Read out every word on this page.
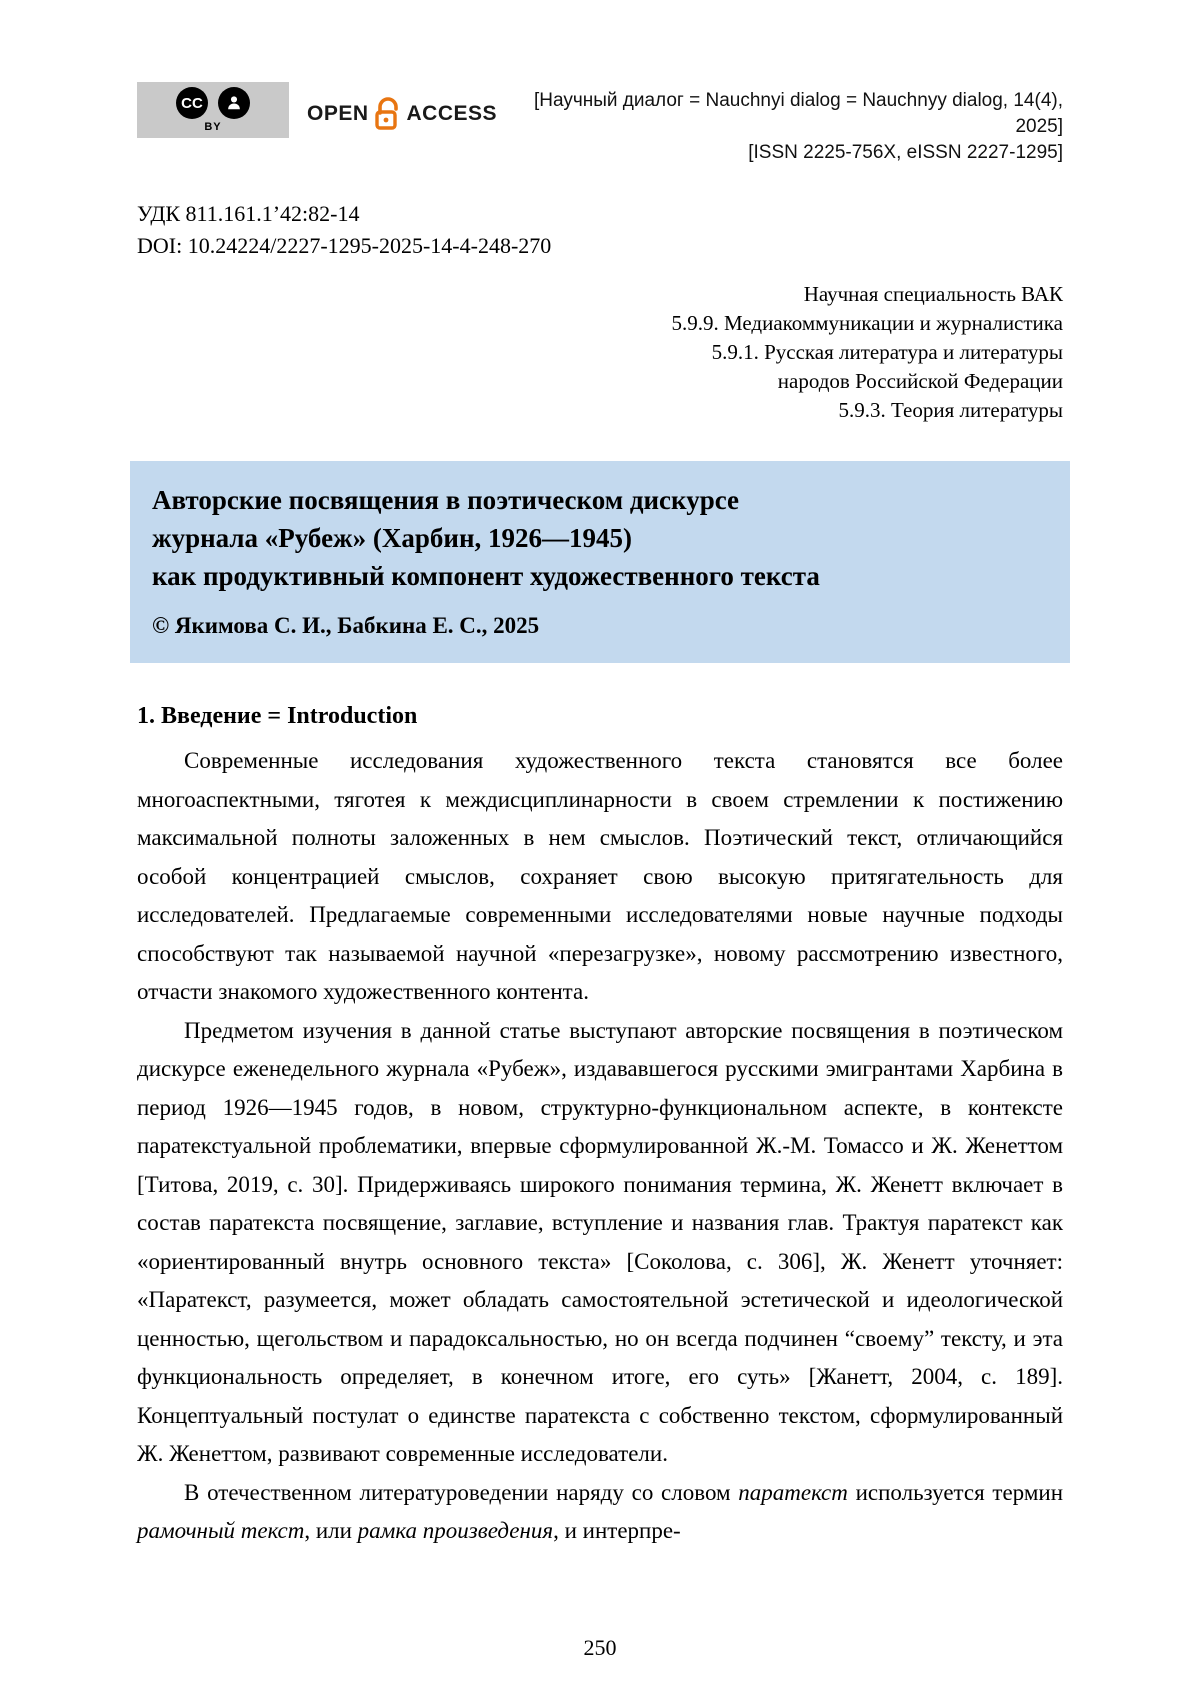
CC
BY
OPEN ACCESS
[Научный диалог = Nauchnyi dialog = Nauchnyy dialog, 14(4), 2025]
[ISSN 2225-756X, eISSN 2227-1295]
УДК 811.161.1’42:82-14
DOI: 10.24224/2227-1295-2025-14-4-248-270
Научная специальность ВАК
5.9.9. Медиакоммуникации и журналистика
5.9.1. Русская литература и литературы
народов Российской Федерации
5.9.3. Теория литературы
Авторские посвящения в поэтическом дискурсе
журнала «Рубеж» (Харбин, 1926—1945)
как продуктивный компонент художественного текста
© Якимова С. И., Бабкина Е. С., 2025
1. Введение = Introduction

Современные исследования художественного текста становятся все более многоаспектными, тяготея к междисциплинарности в своем стремлении к постижению максимальной полноты заложенных в нем смыслов. Поэтический текст, отличающийся особой концентрацией смыслов, сохраняет свою высокую притягательность для исследователей. Предлагаемые современными исследователями новые научные подходы способствуют так называемой научной «перезагрузке», новому рассмотрению известного, отчасти знакомого художественного контента.

Предметом изучения в данной статье выступают авторские посвящения в поэтическом дискурсе еженедельного журнала «Рубеж», издававшегося русскими эмигрантами Харбина в период 1926—1945 годов, в новом, структурно-функциональном аспекте, в контексте паратекстуальной проблематики, впервые сформулированной Ж.-М. Томассо и Ж. Женеттом [Титова, 2019, с. 30]. Придерживаясь широкого понимания термина, Ж. Женетт включает в состав паратекста посвящение, заглавие, вступление и названия глав. Трактуя паратекст как «ориентированный внутрь основного текста» [Соколова, с. 306], Ж. Женетт уточняет: «Паратекст, разумеется, может обладать самостоятельной эстетической и идеологической ценностью, щегольством и парадоксальностью, но он всегда подчинен “своему” тексту, и эта функциональность определяет, в конечном итоге, его суть» [Жанетт, 2004, с. 189]. Концептуальный постулат о единстве паратекста с собственно текстом, сформулированный Ж. Женеттом, развивают современные исследователи.

В отечественном литературоведении наряду со словом паратекст используется термин рамочный текст, или рамка произведения, и интерпре-

250
